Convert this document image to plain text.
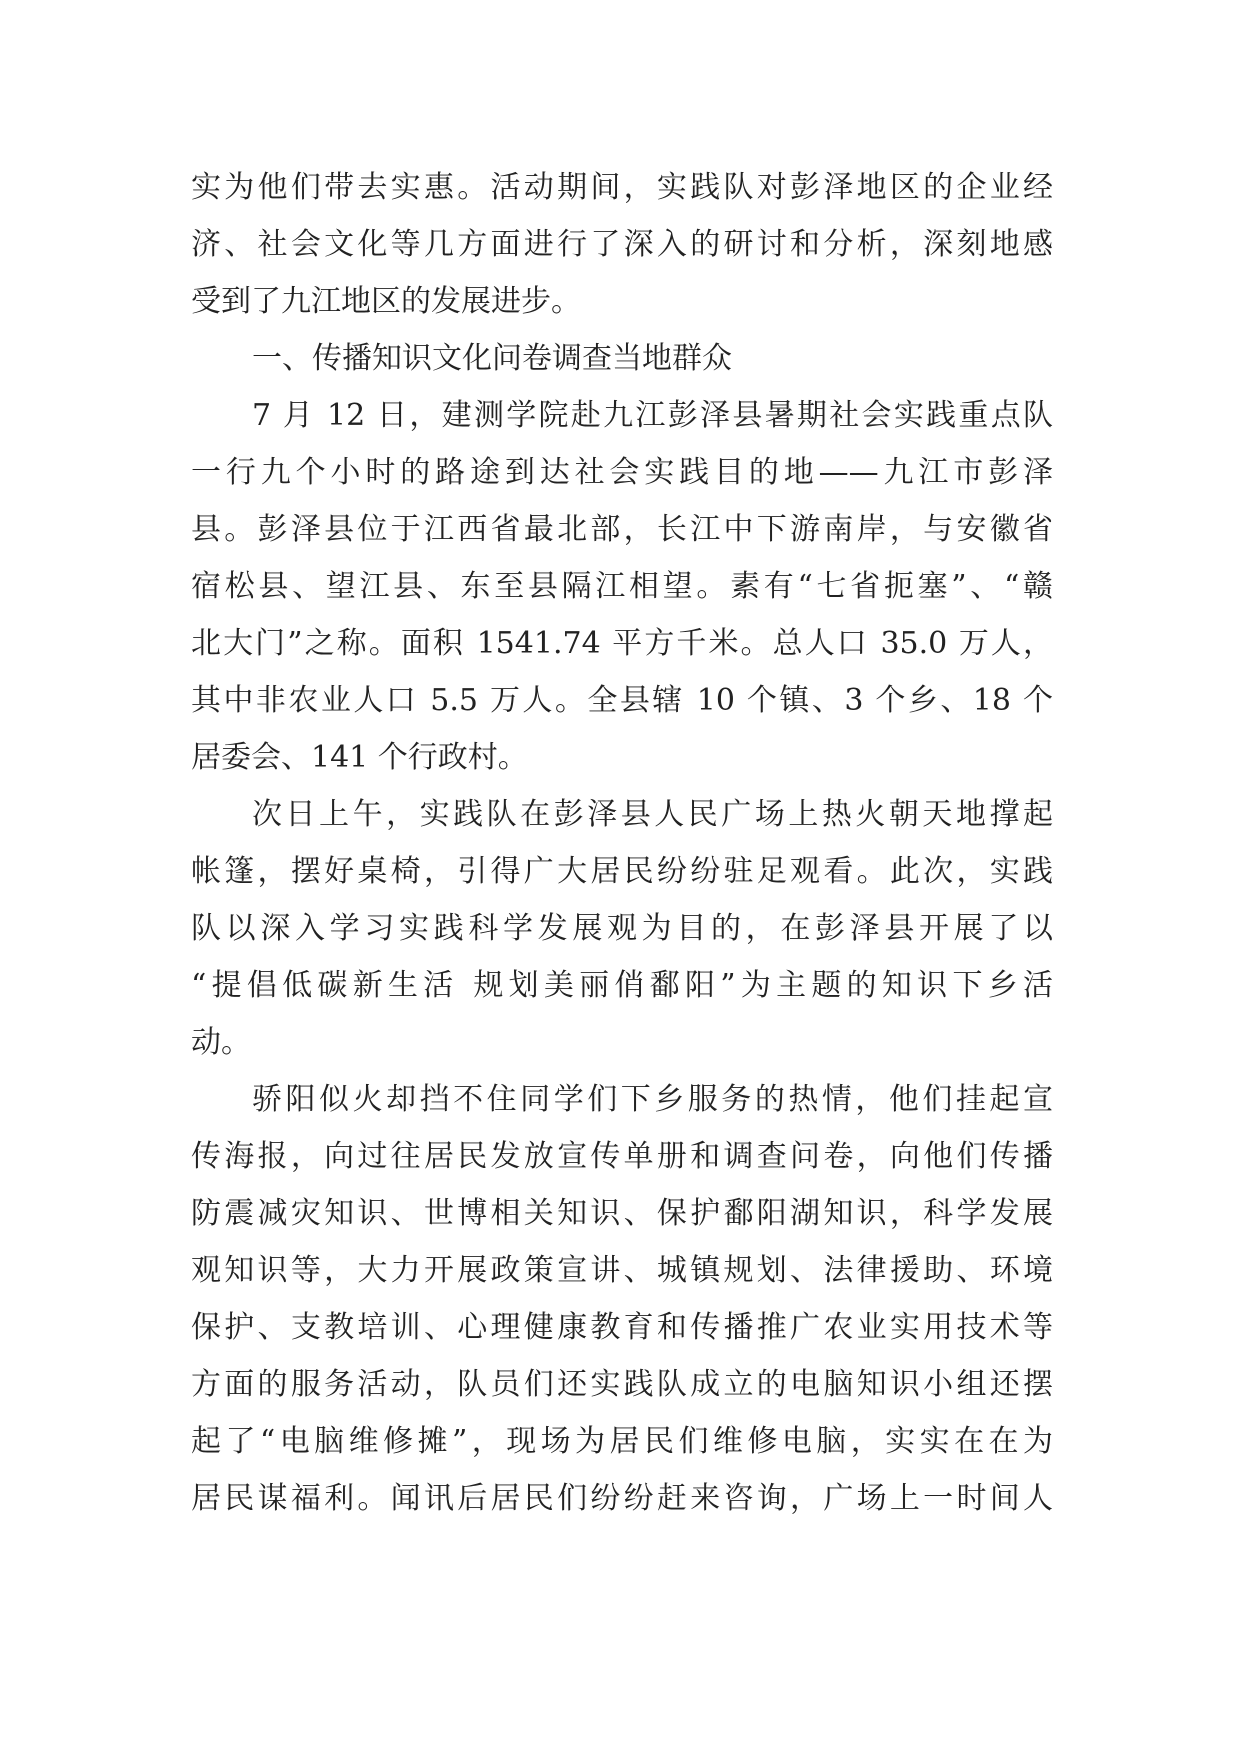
实为他们带去实惠。活动期间，实践队对彭泽地区的企业经
济、社会文化等几方面进行了深入的研讨和分析，深刻地感
受到了九江地区的发展进步。
一、传播知识文化问卷调查当地群众
7 月 12 日，建测学院赴九江彭泽县暑期社会实践重点队
一行九个小时的路途到达社会实践目的地——九江市彭泽
县。彭泽县位于江西省最北部，长江中下游南岸，与安徽省
宿松县、望江县、东至县隔江相望。素有“七省扼塞”、“赣
北大门”之称。面积 1541.74 平方千米。总人口 35.0 万人，
其中非农业人口 5.5 万人。全县辖 10 个镇、3 个乡、18 个
居委会、141 个行政村。
次日上午，实践队在彭泽县人民广场上热火朝天地撑起
帐篷，摆好桌椅，引得广大居民纷纷驻足观看。此次，实践
队以深入学习实践科学发展观为目的，在彭泽县开展了以
“提倡低碳新生活 规划美丽俏鄱阳”为主题的知识下乡活
动。
骄阳似火却挡不住同学们下乡服务的热情，他们挂起宣
传海报，向过往居民发放宣传单册和调查问卷，向他们传播
防震减灾知识、世博相关知识、保护鄱阳湖知识，科学发展
观知识等，大力开展政策宣讲、城镇规划、法律援助、环境
保护、支教培训、心理健康教育和传播推广农业实用技术等
方面的服务活动，队员们还实践队成立的电脑知识小组还摆
起了“电脑维修摊”，现场为居民们维修电脑，实实在在为
居民谋福利。闻讯后居民们纷纷赶来咨询，广场上一时间人
